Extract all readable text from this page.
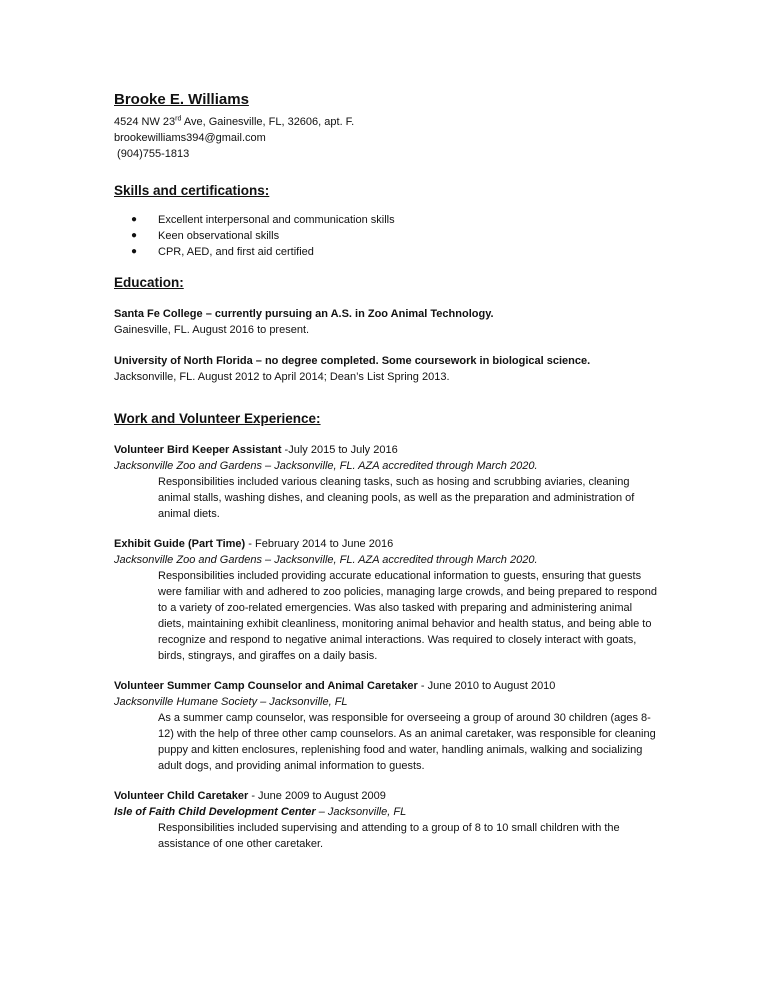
Brooke E. Williams
4524 NW 23rd Ave, Gainesville, FL, 32606, apt. F.
brookewilliams394@gmail.com
(904)755-1813
Skills and certifications:
● Excellent interpersonal and communication skills
● Keen observational skills
● CPR, AED, and first aid certified
Education:
Santa Fe College – currently pursuing an A.S. in Zoo Animal Technology.
Gainesville, FL. August 2016 to present.
University of North Florida – no degree completed. Some coursework in biological science.
Jacksonville, FL. August 2012 to April 2014; Dean’s List Spring 2013.
Work and Volunteer Experience:
Volunteer Bird Keeper Assistant -July 2015 to July 2016
Jacksonville Zoo and Gardens – Jacksonville, FL. AZA accredited through March 2020.
Responsibilities included various cleaning tasks, such as hosing and scrubbing aviaries, cleaning animal stalls, washing dishes, and cleaning pools, as well as the preparation and administration of animal diets.
Exhibit Guide (Part Time) - February 2014 to June 2016
Jacksonville Zoo and Gardens – Jacksonville, FL. AZA accredited through March 2020.
Responsibilities included providing accurate educational information to guests, ensuring that guests were familiar with and adhered to zoo policies, managing large crowds, and being prepared to respond to a variety of zoo-related emergencies. Was also tasked with preparing and administering animal diets, maintaining exhibit cleanliness, monitoring animal behavior and health status, and being able to recognize and respond to negative animal interactions. Was required to closely interact with goats, birds, stingrays, and giraffes on a daily basis.
Volunteer Summer Camp Counselor and Animal Caretaker - June 2010 to August 2010
Jacksonville Humane Society – Jacksonville, FL
As a summer camp counselor, was responsible for overseeing a group of around 30 children (ages 8-12) with the help of three other camp counselors. As an animal caretaker, was responsible for cleaning puppy and kitten enclosures, replenishing food and water, handling animals, walking and socializing adult dogs, and providing animal information to guests.
Volunteer Child Caretaker - June 2009 to August 2009
Isle of Faith Child Development Center – Jacksonville, FL
Responsibilities included supervising and attending to a group of 8 to 10 small children with the assistance of one other caretaker.
